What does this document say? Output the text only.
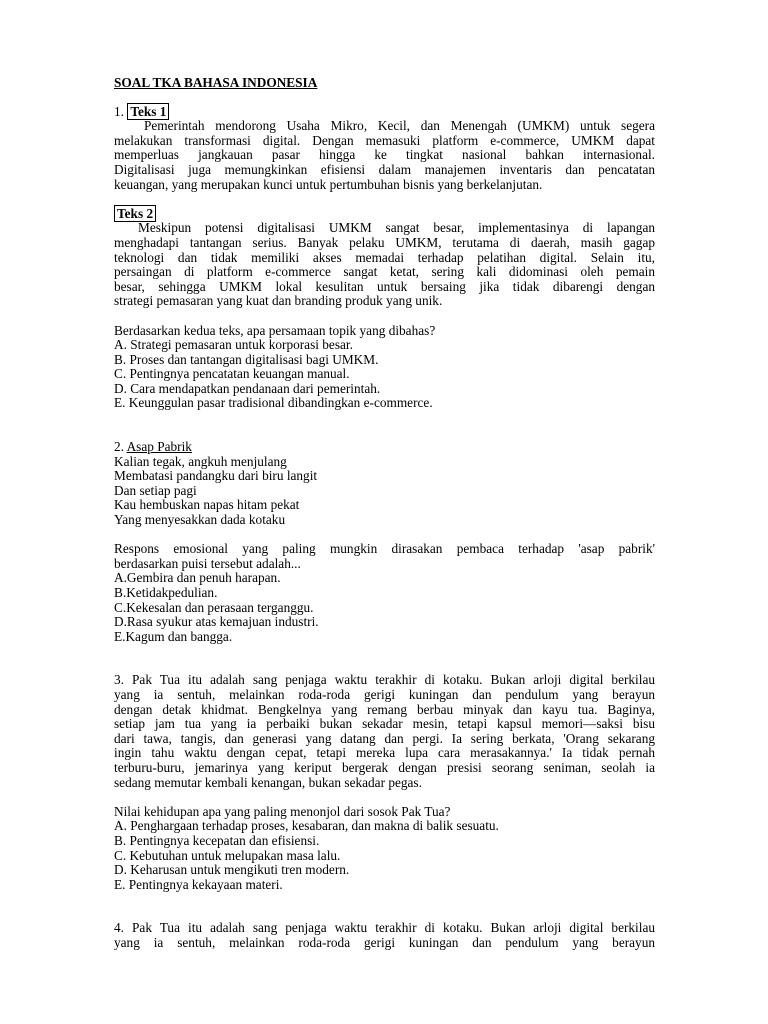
SOAL TKA BAHASA INDONESIA
1. Teks 1
Pemerintah mendorong Usaha Mikro, Kecil, dan Menengah (UMKM) untuk segera
melakukan transformasi digital. Dengan memasuki platform e-commerce, UMKM dapat
memperluas jangkauan pasar hingga ke tingkat nasional bahkan internasional.
Digitalisasi juga memungkinkan efisiensi dalam manajemen inventaris dan pencatatan
keuangan, yang merupakan kunci untuk pertumbuhan bisnis yang berkelanjutan.
Teks 2
Meskipun potensi digitalisasi UMKM sangat besar, implementasinya di lapangan
menghadapi tantangan serius. Banyak pelaku UMKM, terutama di daerah, masih gagap
teknologi dan tidak memiliki akses memadai terhadap pelatihan digital. Selain itu,
persaingan di platform e-commerce sangat ketat, sering kali didominasi oleh pemain
besar, sehingga UMKM lokal kesulitan untuk bersaing jika tidak dibarengi dengan
strategi pemasaran yang kuat dan branding produk yang unik.
Berdasarkan kedua teks, apa persamaan topik yang dibahas?
A. Strategi pemasaran untuk korporasi besar.
B. Proses dan tantangan digitalisasi bagi UMKM.
C. Pentingnya pencatatan keuangan manual.
D. Cara mendapatkan pendanaan dari pemerintah.
E. Keunggulan pasar tradisional dibandingkan e-commerce.
2. Asap Pabrik
Kalian tegak, angkuh menjulang
Membatasi pandangku dari biru langit
Dan setiap pagi
Kau hembuskan napas hitam pekat
Yang menyesakkan dada kotaku
Respons emosional yang paling mungkin dirasakan pembaca terhadap 'asap pabrik'
berdasarkan puisi tersebut adalah...
A.Gembira dan penuh harapan.
B.Ketidakpedulian.
C.Kekesalan dan perasaan terganggu.
D.Rasa syukur atas kemajuan industri.
E.Kagum dan bangga.
3. Pak Tua itu adalah sang penjaga waktu terakhir di kotaku. Bukan arloji digital berkilau
yang ia sentuh, melainkan roda-roda gerigi kuningan dan pendulum yang berayun
dengan detak khidmat. Bengkelnya yang remang berbau minyak dan kayu tua. Baginya,
setiap jam tua yang ia perbaiki bukan sekadar mesin, tetapi kapsul memori—saksi bisu
dari tawa, tangis, dan generasi yang datang dan pergi. Ia sering berkata, 'Orang sekarang
ingin tahu waktu dengan cepat, tetapi mereka lupa cara merasakannya.' Ia tidak pernah
terburu-buru, jemarinya yang keriput bergerak dengan presisi seorang seniman, seolah ia
sedang memutar kembali kenangan, bukan sekadar pegas.
Nilai kehidupan apa yang paling menonjol dari sosok Pak Tua?
A. Penghargaan terhadap proses, kesabaran, dan makna di balik sesuatu.
B. Pentingnya kecepatan dan efisiensi.
C. Kebutuhan untuk melupakan masa lalu.
D. Keharusan untuk mengikuti tren modern.
E. Pentingnya kekayaan materi.
4. Pak Tua itu adalah sang penjaga waktu terakhir di kotaku. Bukan arloji digital berkilau
yang ia sentuh, melainkan roda-roda gerigi kuningan dan pendulum yang berayun
